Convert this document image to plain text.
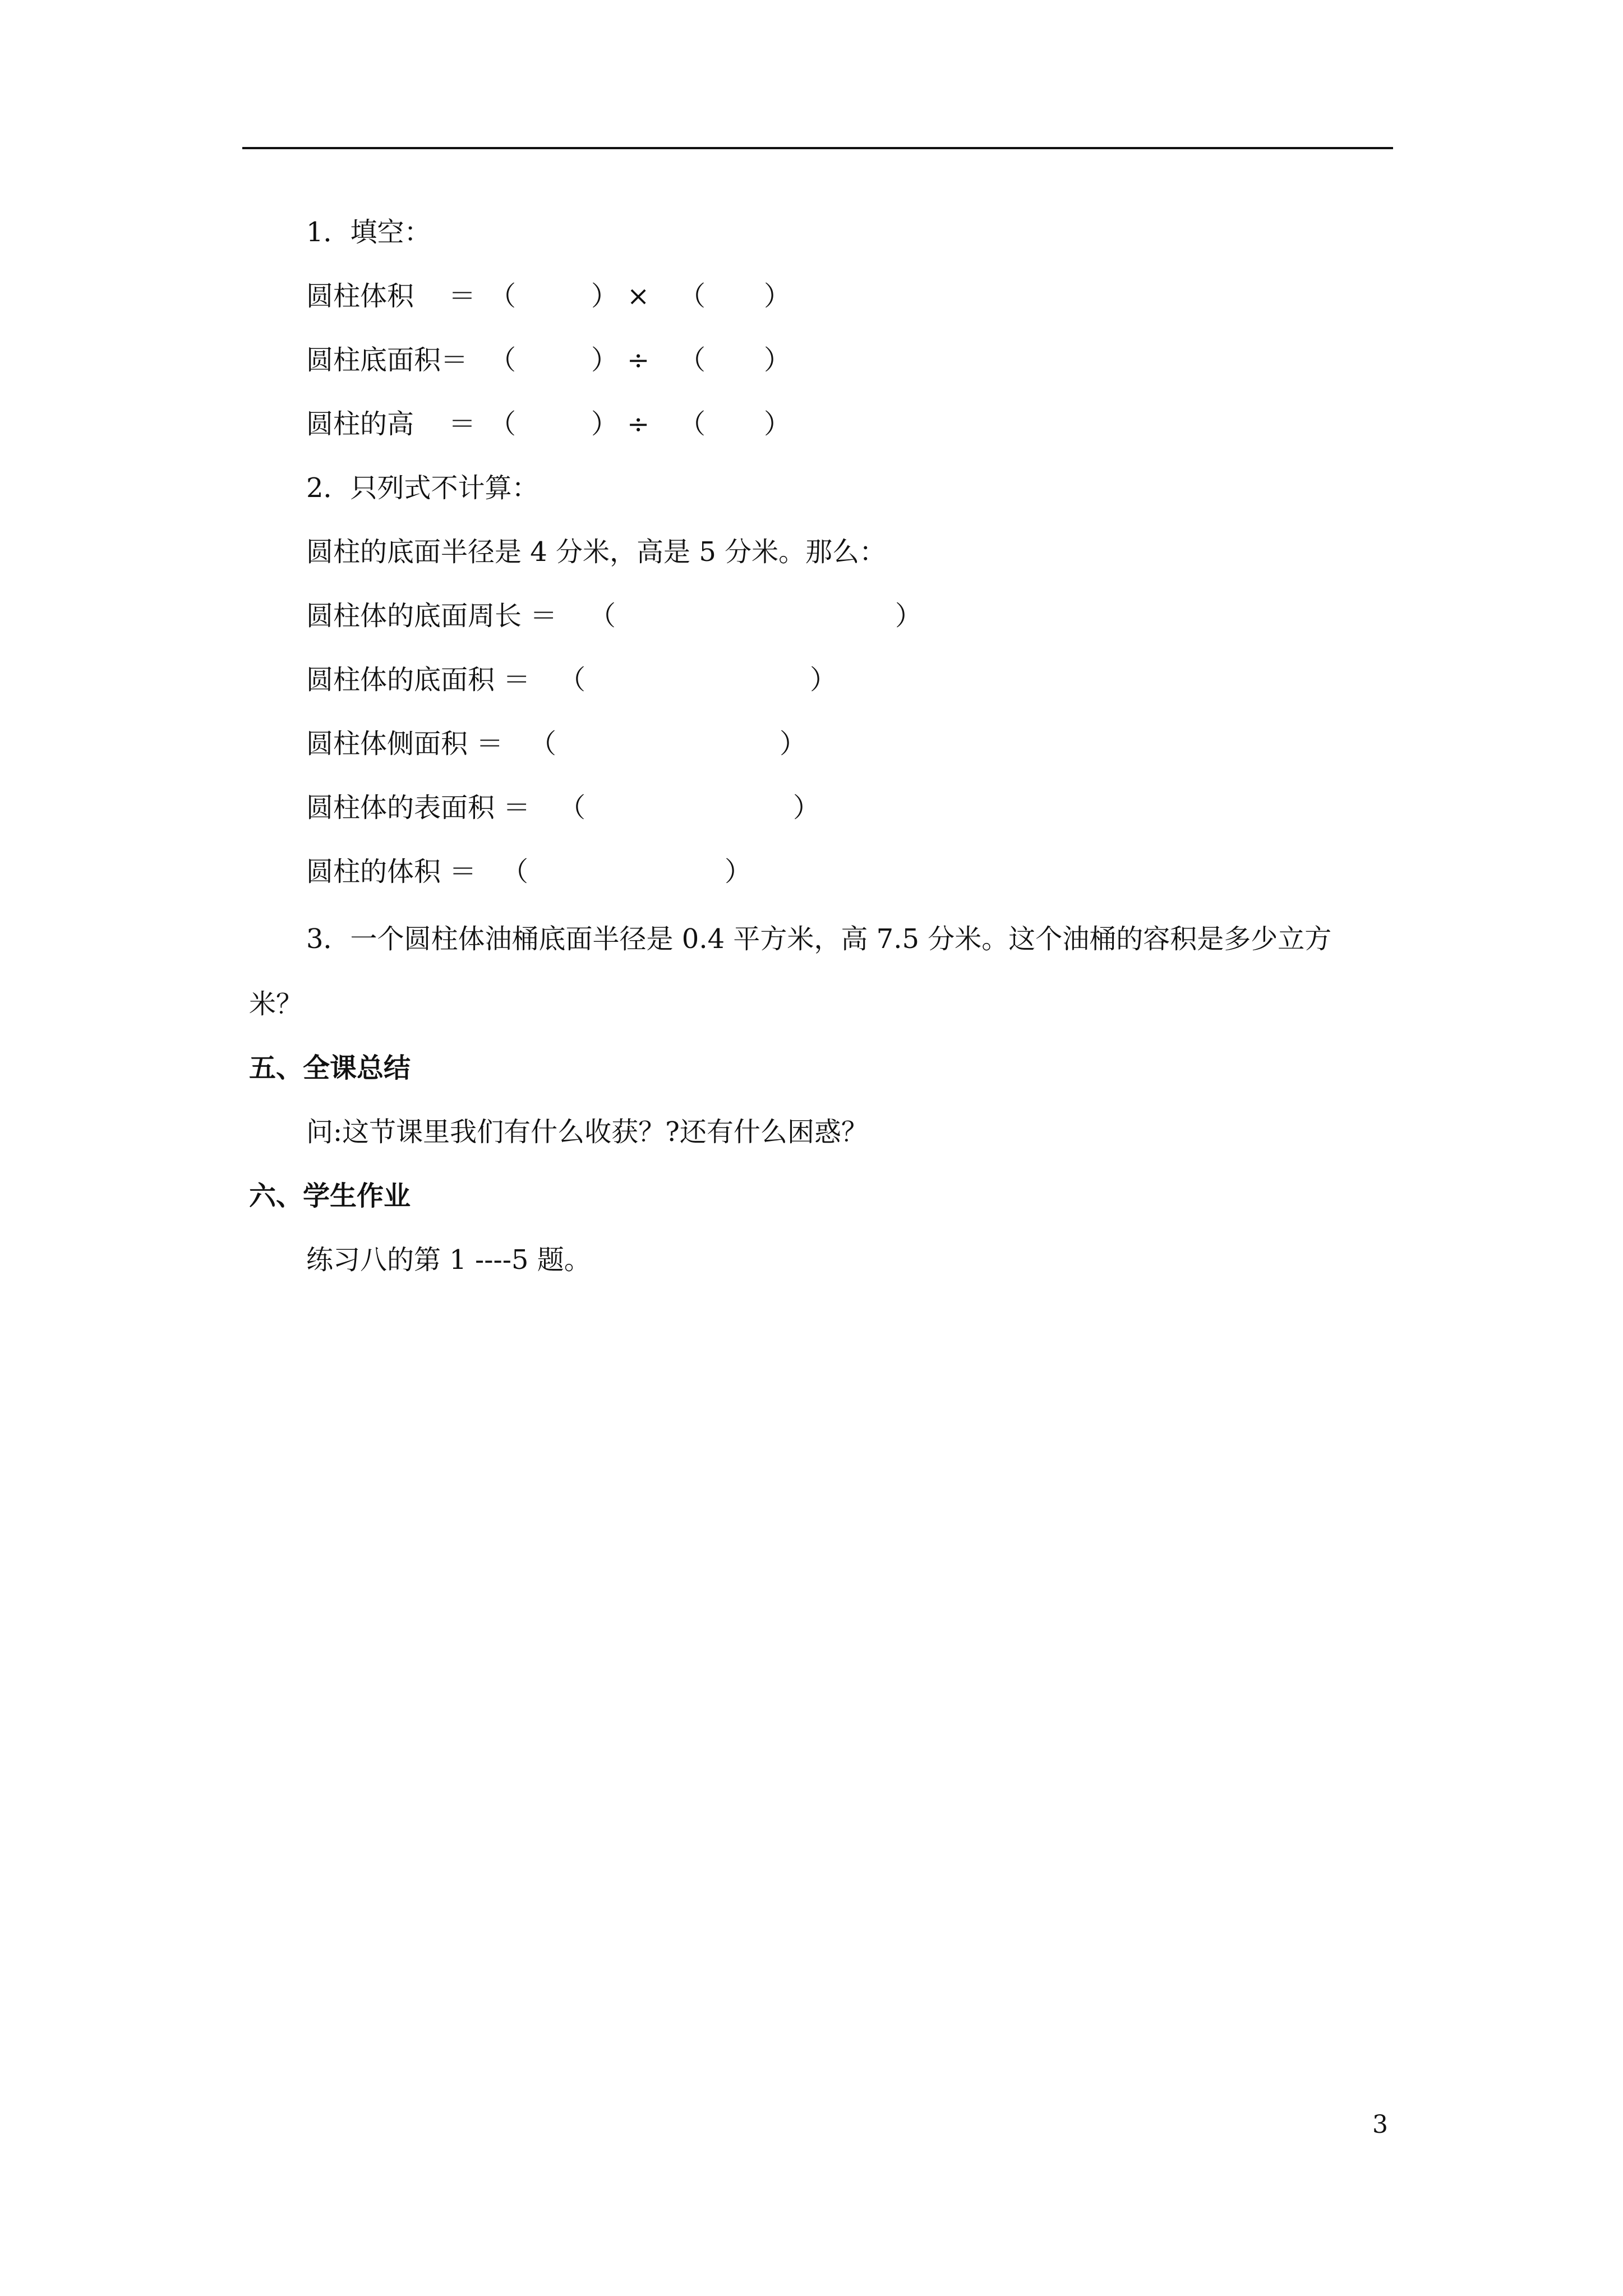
1．填空：
圆柱体积 ＝ （	） × （ ）
圆柱底面积 ＝ （	） ÷ （ ）
圆柱的高 ＝ （	） ÷ （ ）
2．只列式不计算：
圆柱的底面半径是 4 分米，高是 5 分米。那么：
圆柱体的底面周长 ＝ （	）
圆柱体的底面积 ＝ （	）
圆柱体侧面积 ＝ （	）
圆柱体的表面积 ＝ （	）
圆柱的体积 ＝ （	）
3．一个圆柱体油桶底面半径是 0.4 平方米，高 7.5 分米。这个油桶的容积是多少立方
米？
五、全课总结
问:这节课里我们有什么收获？?还有什么困惑？
六、学生作业
练习八的第 1 ----5 题。
3
